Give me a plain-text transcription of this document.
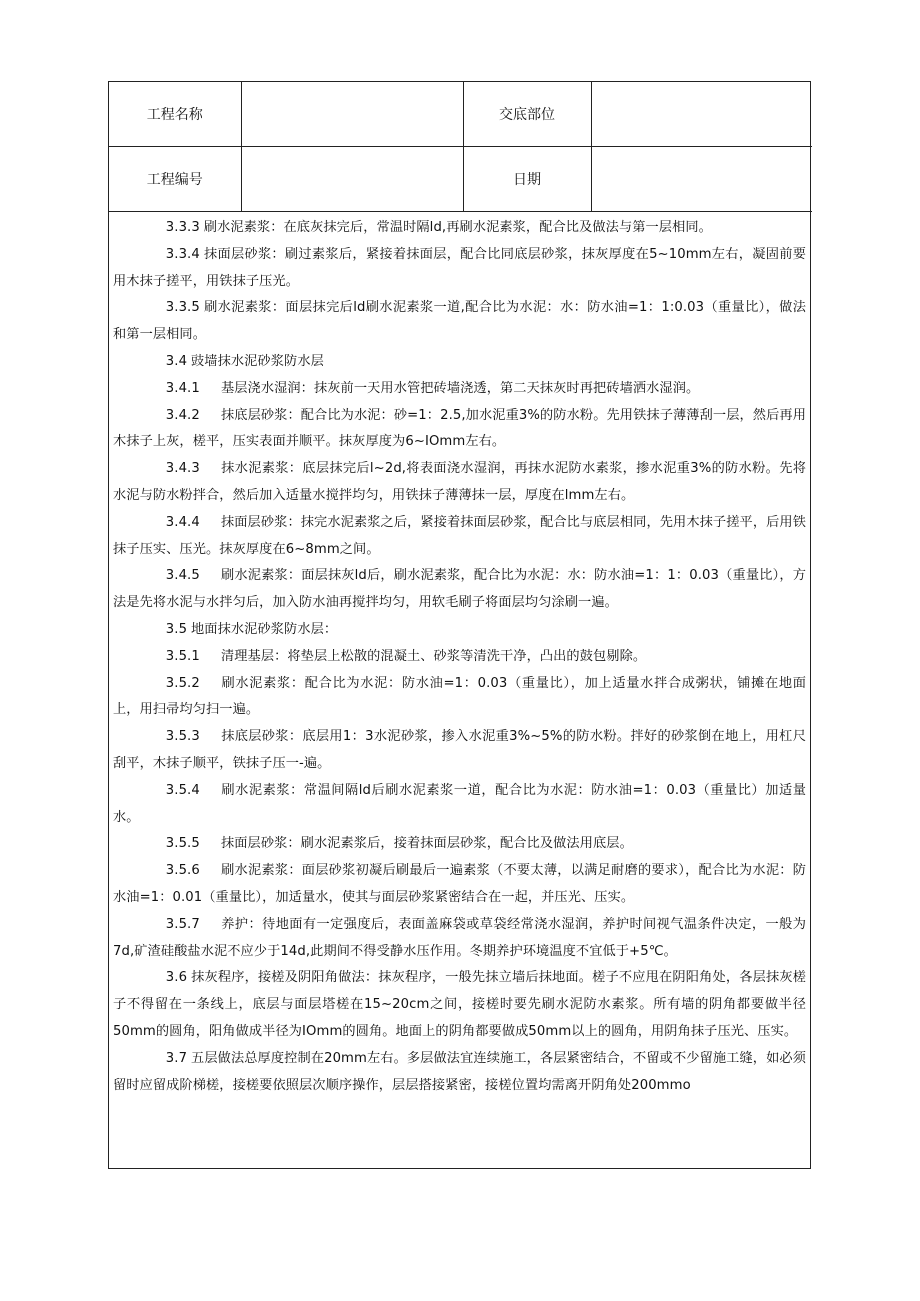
工程名称		交底部位	
工程编号		日期	

3.3.3 刷水泥素浆：在底灰抹完后，常温时隔ld,再刷水泥素浆，配合比及做法与第一层相同。

3.3.4 抹面层砂浆：刷过素浆后，紧接着抹面层，配合比同底层砂浆，抹灰厚度在5~10mm左右，凝固前要用木抹子搓平，用铁抹子压光。

3.3.5 刷水泥素浆：面层抹完后ld刷水泥素浆一道,配合比为水泥：水：防水油=1：1:0.03（重量比），做法和第一层相同。

3.4 豉墙抹水泥砂浆防水层

3.4.1 基层浇水湿润：抹灰前一天用水管把砖墙浇透，第二天抹灰时再把砖墙洒水湿润。

3.4.2 抹底层砂浆：配合比为水泥：砂=1：2.5,加水泥重3%的防水粉。先用铁抹子薄薄刮一层，然后再用木抹子上灰，槎平，压实表面并顺平。抹灰厚度为6~IOmm左右。

3.4.3 抹水泥素浆：底层抹完后l~2d,将表面浇水湿润，再抹水泥防水素浆，掺水泥重3%的防水粉。先将水泥与防水粉拌合，然后加入适量水搅拌均匀，用铁抹子薄薄抹一层，厚度在lmm左右。

3.4.4 抹面层砂浆：抹完水泥素浆之后，紧接着抹面层砂浆，配合比与底层相同，先用木抹子搓平，后用铁抹子压实、压光。抹灰厚度在6~8mm之间。

3.4.5 刷水泥素浆：面层抹灰ld后，刷水泥素浆，配合比为水泥：水：防水油=1：1：0.03（重量比），方法是先将水泥与水拌匀后，加入防水油再搅拌均匀，用软毛刷子将面层均匀涂刷一遍。

3.5 地面抹水泥砂浆防水层：

3.5.1 清理基层：将垫层上松散的混凝土、砂浆等清洗干净，凸出的鼓包剔除。

3.5.2 刷水泥素浆：配合比为水泥：防水油=1：0.03（重量比），加上适量水拌合成粥状，铺摊在地面上，用扫帚均匀扫一遍。

3.5.3 抹底层砂浆：底层用1：3水泥砂浆，掺入水泥重3%~5%的防水粉。拌好的砂浆倒在地上，用杠尺刮平，木抹子顺平，铁抹子压一-遍。

3.5.4 刷水泥素浆：常温间隔ld后刷水泥素浆一道，配合比为水泥：防水油=1：0.03（重量比）加适量水。

3.5.5 抹面层砂浆：刷水泥素浆后，接着抹面层砂浆，配合比及做法用底层。

3.5.6 刷水泥素浆：面层砂浆初凝后刷最后一遍素浆（不要太薄，以满足耐磨的要求），配合比为水泥：防水油=1：0.01（重量比），加适量水，使其与面层砂浆紧密结合在一起，并压光、压实。

3.5.7 养护：待地面有一定强度后，表面盖麻袋或草袋经常浇水湿润，养护时间视气温条件决定，一般为7d,矿渣硅酸盐水泥不应少于14d,此期间不得受静水压作用。冬期养护环境温度不宜低于+5℃。

3.6 抹灰程序，接槎及阴阳角做法：抹灰程序，一般先抹立墙后抹地面。槎子不应甩在阴阳角处，各层抹灰槎子不得留在一条线上，底层与面层塔槎在15~20cm之间，接槎时要先刷水泥防水素浆。所有墙的阴角都要做半径50mm的圆角，阳角做成半径为IOmm的圆角。地面上的阴角都要做成50mm以上的圆角，用阴角抹子压光、压实。

3.7 五层做法总厚度控制在20mm左右。多层做法宜连续施工，各层紧密结合，不留或不少留施工缝，如必须留时应留成阶梯槎，接槎要依照层次顺序操作，层层搭接紧密，接槎位置均需离开阴角处200mmo
